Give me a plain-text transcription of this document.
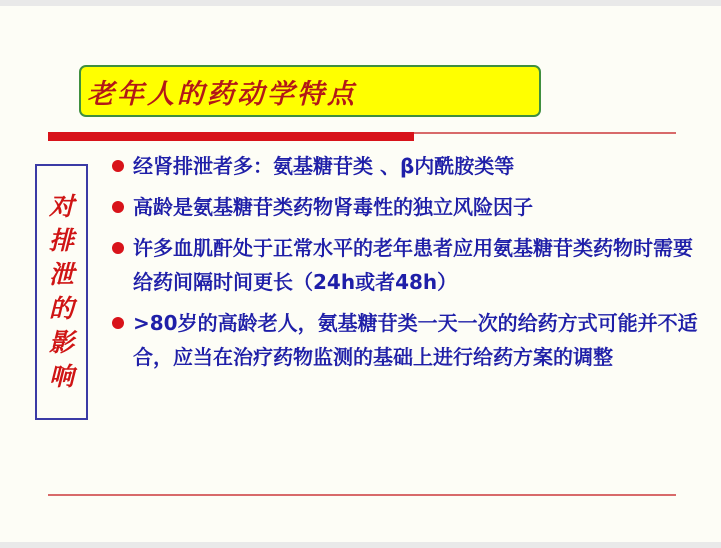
老年人的药动学特点
对
排
泄
的
影
响
经肾排泄者多：氨基糖苷类 、β内酰胺类等
高龄是氨基糖苷类药物肾毒性的独立风险因子
许多血肌酐处于正常水平的老年患者应用氨基糖苷类药物时需要给药间隔时间更长（24h或者48h）
>80岁的高龄老人，氨基糖苷类一天一次的给药方式可能并不适合，应当在治疗药物监测的基础上进行给药方案的调整
